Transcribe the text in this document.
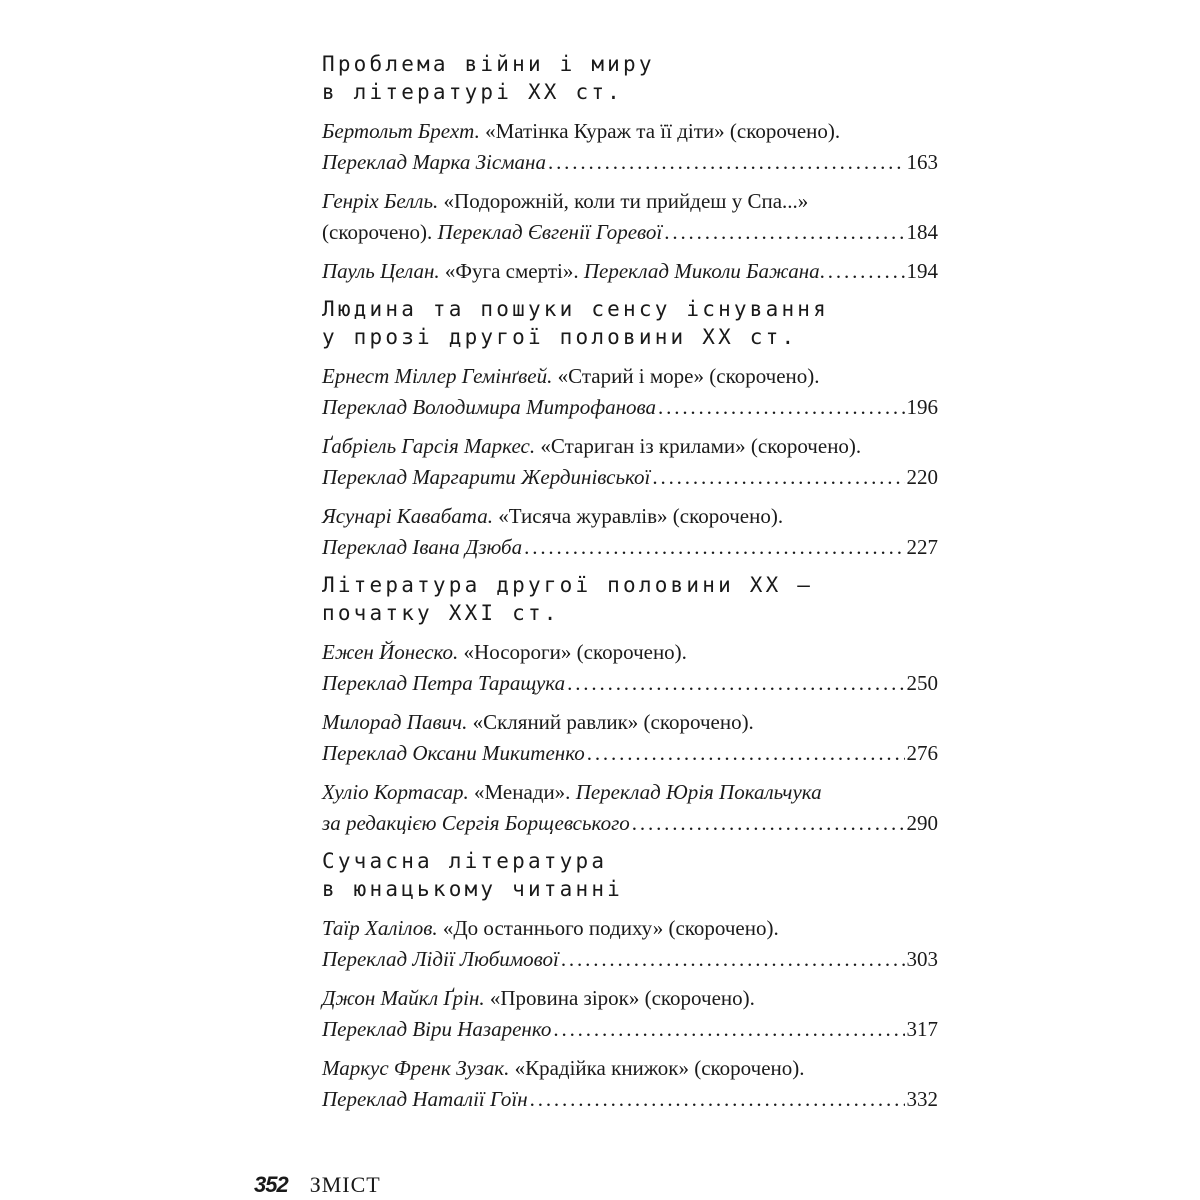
Проблема війни і миру
в літературі XX ст.
Бертольт Брехт. «Матінка Кураж та її діти» (скорочено).
Переклад Марка Зісмана . . .	163
Генріх Белль. «Подорожній, коли ти прийдеш у Спа...»
(скорочено). Переклад Євгенії Горевої . . .	184
Пауль Целан. «Фуга смерті». Переклад Миколи Бажана . . .	194
Людина та пошуки сенсу існування
у прозі другої половини XX ст.
Ернест Міллер Гемінґвей. «Старий і море» (скорочено).
Переклад Володимира Митрофанова . . .	196
Ґабріель Гарсія Маркес. «Стариган із крилами» (скорочено).
Переклад Маргарити Жердинівської . . .	220
Ясунарі Кавабата. «Тисяча журавлів» (скорочено).
Переклад Івана Дзюба . . .	227
Література другої половини XX –
початку XXI ст.
Ежен Йонеско. «Носороги» (скорочено).
Переклад Петра Таращука . . .	250
Милорад Павич. «Скляний равлик» (скорочено).
Переклад Оксани Микитенко . . .	276
Хуліо Кортасар. «Менади». Переклад Юрія Покальчука
за редакцією Сергія Борщевського . . .	290
Сучасна література
в юнацькому читанні
Таїр Халілов. «До останнього подиху» (скорочено).
Переклад Лідії Любимової . . .	303
Джон Майкл Ґрін. «Провина зірок» (скорочено).
Переклад Віри Назаренко . . .	317
Маркус Френк Зузак. «Крадійка книжок» (скорочено).
Переклад Наталії Гоїн . . .	332
352 ЗМІСТ
